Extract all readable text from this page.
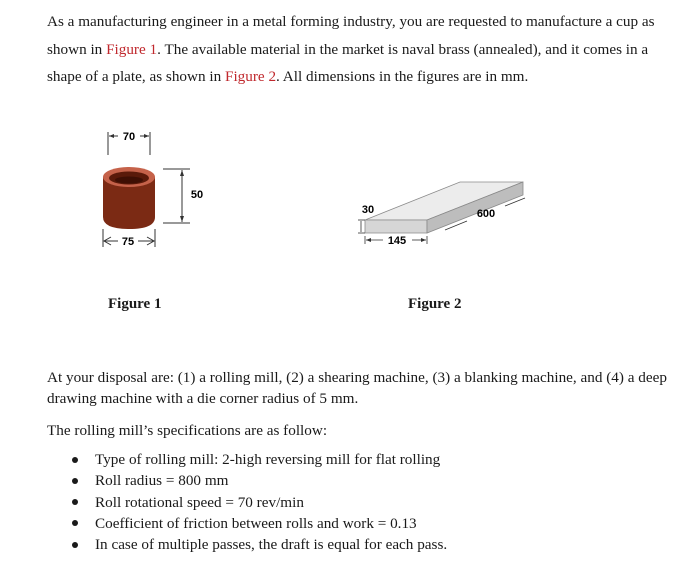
As a manufacturing engineer in a metal forming industry, you are requested to manufacture a cup as shown in Figure 1. The available material in the market is naval brass (annealed), and it comes in a shape of a plate, as shown in Figure 2. All dimensions in the figures are in mm.

70
50
75
30
145
600
Figure 1	Figure 2

At your disposal are: (1) a rolling mill, (2) a shearing machine, (3) a blanking machine, and (4) a deep drawing machine with a die corner radius of 5 mm.

The rolling mill’s specifications are as follow:

Type of rolling mill: 2-high reversing mill for flat rolling
Roll radius = 800 mm
Roll rotational speed = 70 rev/min
Coefficient of friction between rolls and work = 0.13
In case of multiple passes, the draft is equal for each pass.
